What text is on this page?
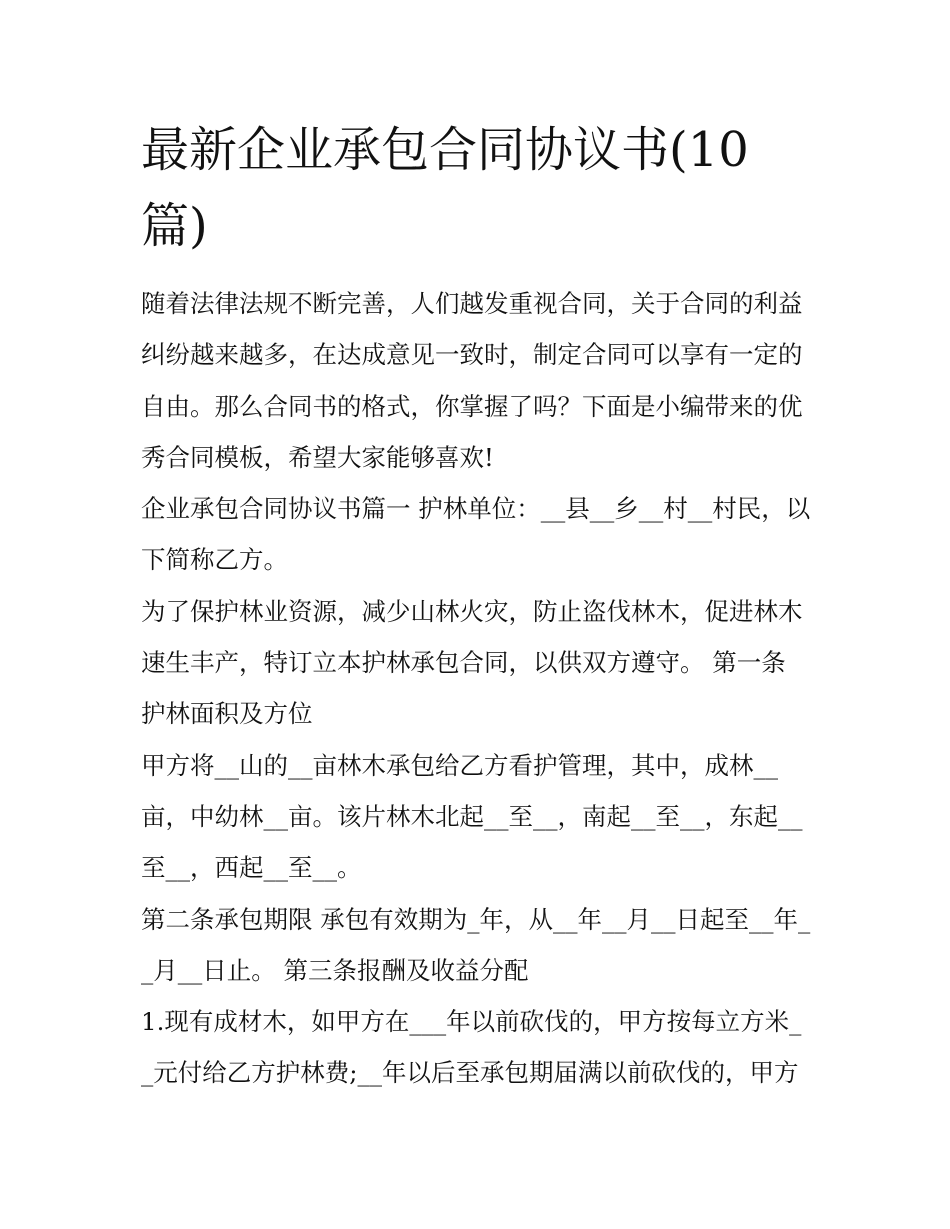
最新企业承包合同协议书(10篇)

随着法律法规不断完善，人们越发重视合同，关于合同的利益纠纷越来越多，在达成意见一致时，制定合同可以享有一定的自由。那么合同书的格式，你掌握了吗？下面是小编带来的优秀合同模板，希望大家能够喜欢!

企业承包合同协议书篇一 护林单位：__县__乡__村__村民，以下简称乙方。

为了保护林业资源，减少山林火灾，防止盗伐林木，促进林木速生丰产，特订立本护林承包合同，以供双方遵守。 第一条 护林面积及方位

甲方将__山的__亩林木承包给乙方看护管理，其中，成林__亩，中幼林__亩。该片林木北起__至__，南起__至__，东起__至__，西起__至__。

第二条承包期限 承包有效期为_年，从__年__月__日起至__年__月__日止。 第三条报酬及收益分配

1.现有成材木，如甲方在___年以前砍伐的，甲方按每立方米__元付给乙方护林费;__年以后至承包期届满以前砍伐的，甲方
